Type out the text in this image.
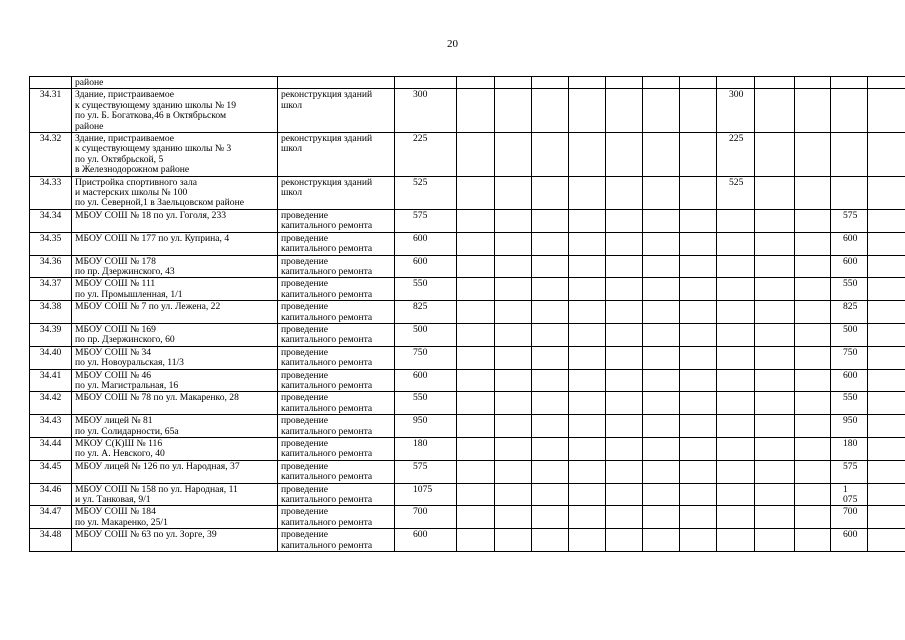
20

	районе														

34.31	Здание, пристраиваемое
к существующему зданию школы № 19
по ул. Б. Богаткова,46 в Октябрьском
районе	реконструкция зданий
школ	300								300				
34.32	Здание, пристраиваемое
к существующему зданию школы № 3
по ул. Октябрьской, 5
в Железнодорожном районе	реконструкция зданий
школ	225								225				
34.33	Пристройка спортивного зала
и мастерских школы № 100
по ул. Северной,1 в Заельцовском районе	реконструкция зданий
школ	525								525				
34.34	МБОУ СОШ № 18 по ул. Гоголя, 233	проведение
капитального ремонта	575											575	
34.35	МБОУ СОШ № 177 по ул. Куприна, 4	проведение
капитального ремонта	600											600	
34.36	МБОУ СОШ № 178
по пр. Дзержинского, 43	проведение
капитального ремонта	600											600	
34.37	МБОУ СОШ № 111
по ул. Промышленная, 1/1	проведение
капитального ремонта	550											550	
34.38	МБОУ СОШ № 7 по ул. Лежена, 22	проведение
капитального ремонта	825											825	
34.39	МБОУ СОШ № 169
по пр. Дзержинского, 60	проведение
капитального ремонта	500											500	
34.40	МБОУ СОШ № 34
по ул. Новоуральская, 11/3	проведение
капитального ремонта	750											750	
34.41	МБОУ СОШ № 46
по ул. Магистральная, 16	проведение
капитального ремонта	600											600	
34.42	МБОУ СОШ № 78 по ул. Макаренко, 28	проведение
капитального ремонта	550											550	
34.43	МБОУ лицей № 81
по ул. Солидарности, 65а	проведение
капитального ремонта	950											950	
34.44	МКОУ С(К)Ш № 116
по ул. А. Невского, 40	проведение
капитального ремонта	180											180	
34.45	МБОУ лицей № 126 по ул. Народная, 37	проведение
капитального ремонта	575											575	
34.46	МБОУ СОШ № 158 по ул. Народная, 11
и ул. Танковая, 9/1	проведение
капитального ремонта	1075											1 075	
34.47	МБОУ СОШ № 184
по ул. Макаренко, 25/1	проведение
капитального ремонта	700											700	
34.48	МБОУ СОШ № 63 по ул. Зорге, 39	проведение
капитального ремонта	600											600	
